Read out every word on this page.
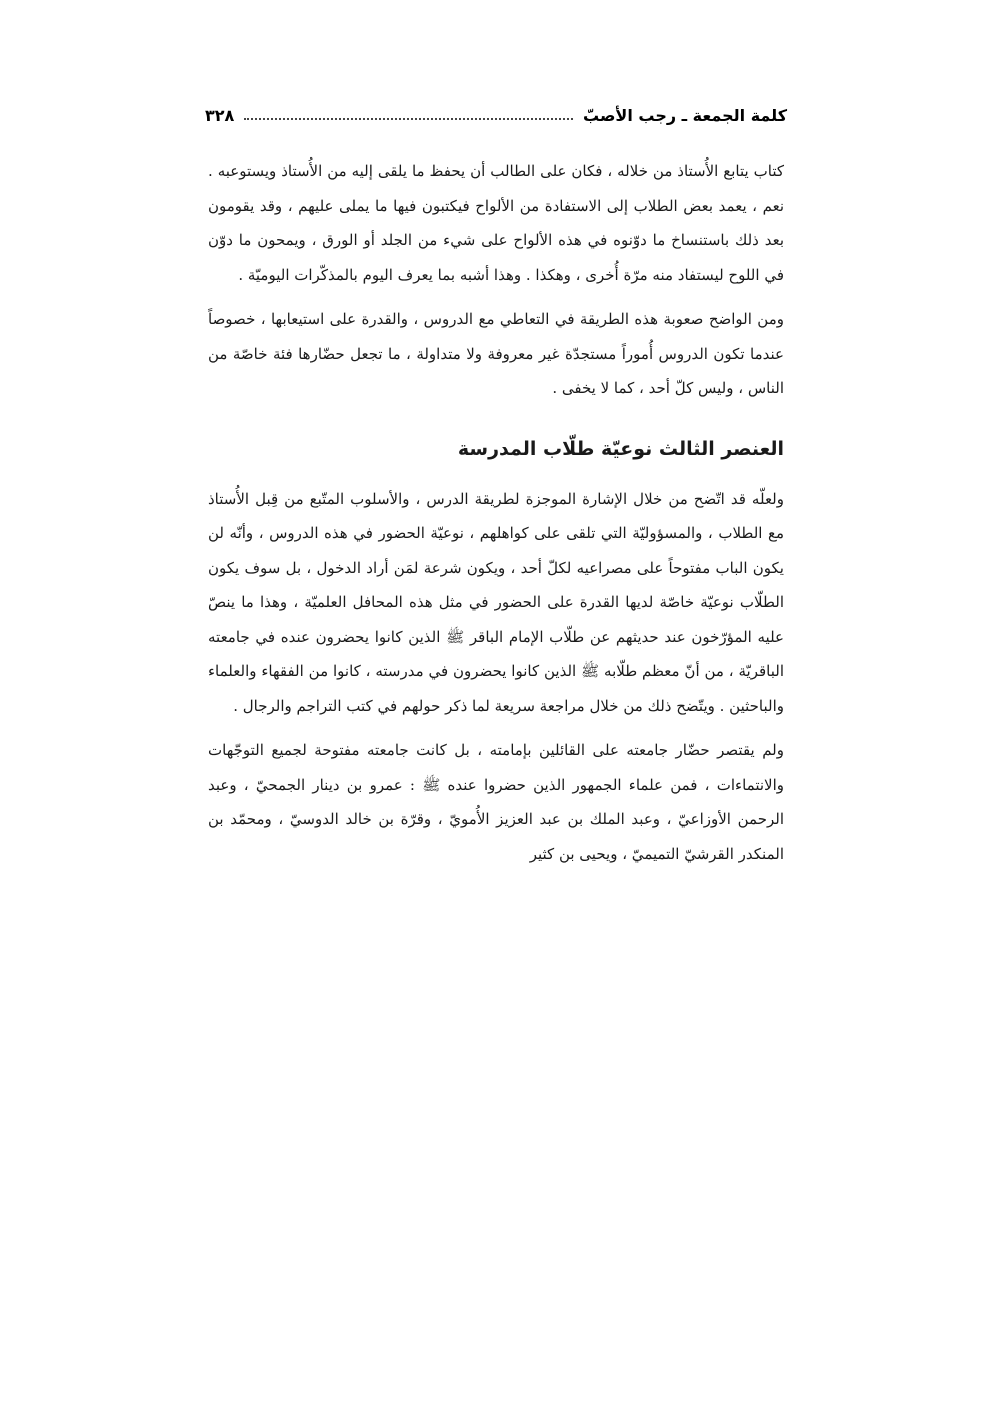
كلمة الجمعة ـ رجب الأصبّ
٣٢٨

كتاب يتابع الأُستاذ من خلاله ، فكان على الطالب أن يحفظ ما يلقى إليه من الأُستاذ ويستوعبه . نعم ، يعمد بعض الطلاب إلى الاستفادة من الألواح فيكتبون فيها ما يملى عليهم ، وقد يقومون بعد ذلك باستنساخ ما دوّنوه في هذه الألواح على شيء من الجلد أو الورق ، ويمحون ما دوّن في اللوح ليستفاد منه مرّة أُخرى ، وهكذا . وهذا أشبه بما يعرف اليوم بالمذكّرات اليوميّة .

ومن الواضح صعوبة هذه الطريقة في التعاطي مع الدروس ، والقدرة على استيعابها ، خصوصاً عندما تكون الدروس أُموراً مستجدّة غير معروفة ولا متداولة ، ما تجعل حضّارها فئة خاصّة من الناس ، وليس كلّ أحد ، كما لا يخفى .

العنصر الثالث نوعيّة طلّاب المدرسة

ولعلّه قد اتّضح من خلال الإشارة الموجزة لطريقة الدرس ، والأسلوب المتّبع من قِبل الأُستاذ مع الطلاب ، والمسؤوليّة التي تلقى على كواهلهم ، نوعيّة الحضور في هذه الدروس ، وأنّه لن يكون الباب مفتوحاً على مصراعيه لكلّ أحد ، ويكون شرعة لمَن أراد الدخول ، بل سوف يكون الطلّاب نوعيّة خاصّة لديها القدرة على الحضور في مثل هذه المحافل العلميّة ، وهذا ما ينصّ عليه المؤرّخون عند حديثهم عن طلّاب الإمام الباقر ﷺ الذين كانوا يحضرون عنده في جامعته الباقريّة ، من أنّ معظم طلّابه ﷺ الذين كانوا يحضرون في مدرسته ، كانوا من الفقهاء والعلماء والباحثين . ويتّضح ذلك من خلال مراجعة سريعة لما ذكر حولهم في كتب التراجم والرجال .

ولم يقتصر حضّار جامعته على القائلين بإمامته ، بل كانت جامعته مفتوحة لجميع التوجّهات والانتماءات ، فمن علماء الجمهور الذين حضروا عنده ﷺ : عمرو بن دينار الجمحيّ ، وعبد الرحمن الأوزاعيّ ، وعبد الملك بن عبد العزيز الأُمويّ ، وقرّة بن خالد الدوسيّ ، ومحمّد بن المنكدر القرشيّ التميميّ ، ويحيى بن كثير
